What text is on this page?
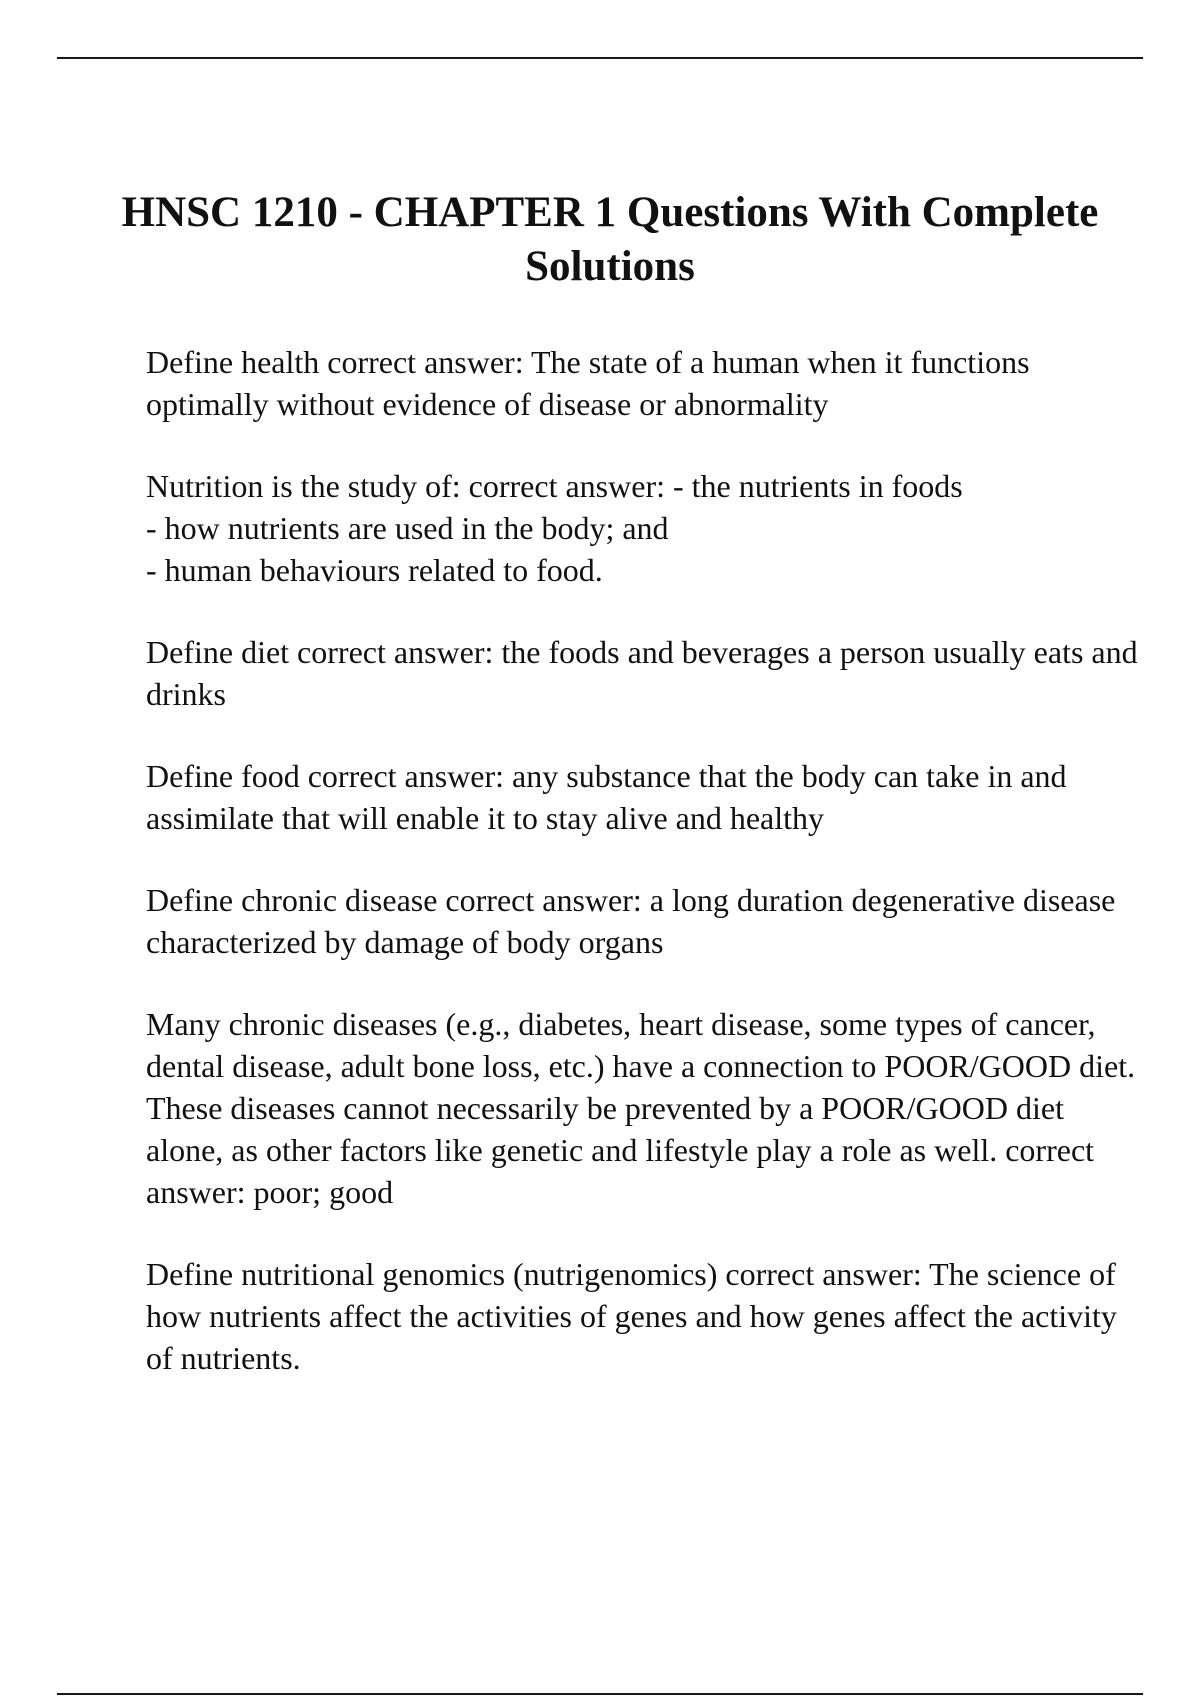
HNSC 1210 - CHAPTER 1 Questions With Complete Solutions

Define health correct answer: The state of a human when it functions optimally without evidence of disease or abnormality

Nutrition is the study of: correct answer: - the nutrients in foods
- how nutrients are used in the body; and
- human behaviours related to food.

Define diet correct answer: the foods and beverages a person usually eats and drinks

Define food correct answer: any substance that the body can take in and assimilate that will enable it to stay alive and healthy

Define chronic disease correct answer: a long duration degenerative disease characterized by damage of body organs

Many chronic diseases (e.g., diabetes, heart disease, some types of cancer, dental disease, adult bone loss, etc.) have a connection to POOR/GOOD diet. These diseases cannot necessarily be prevented by a POOR/GOOD diet alone, as other factors like genetic and lifestyle play a role as well. correct answer: poor; good

Define nutritional genomics (nutrigenomics) correct answer: The science of how nutrients affect the activities of genes and how genes affect the activity of nutrients.
